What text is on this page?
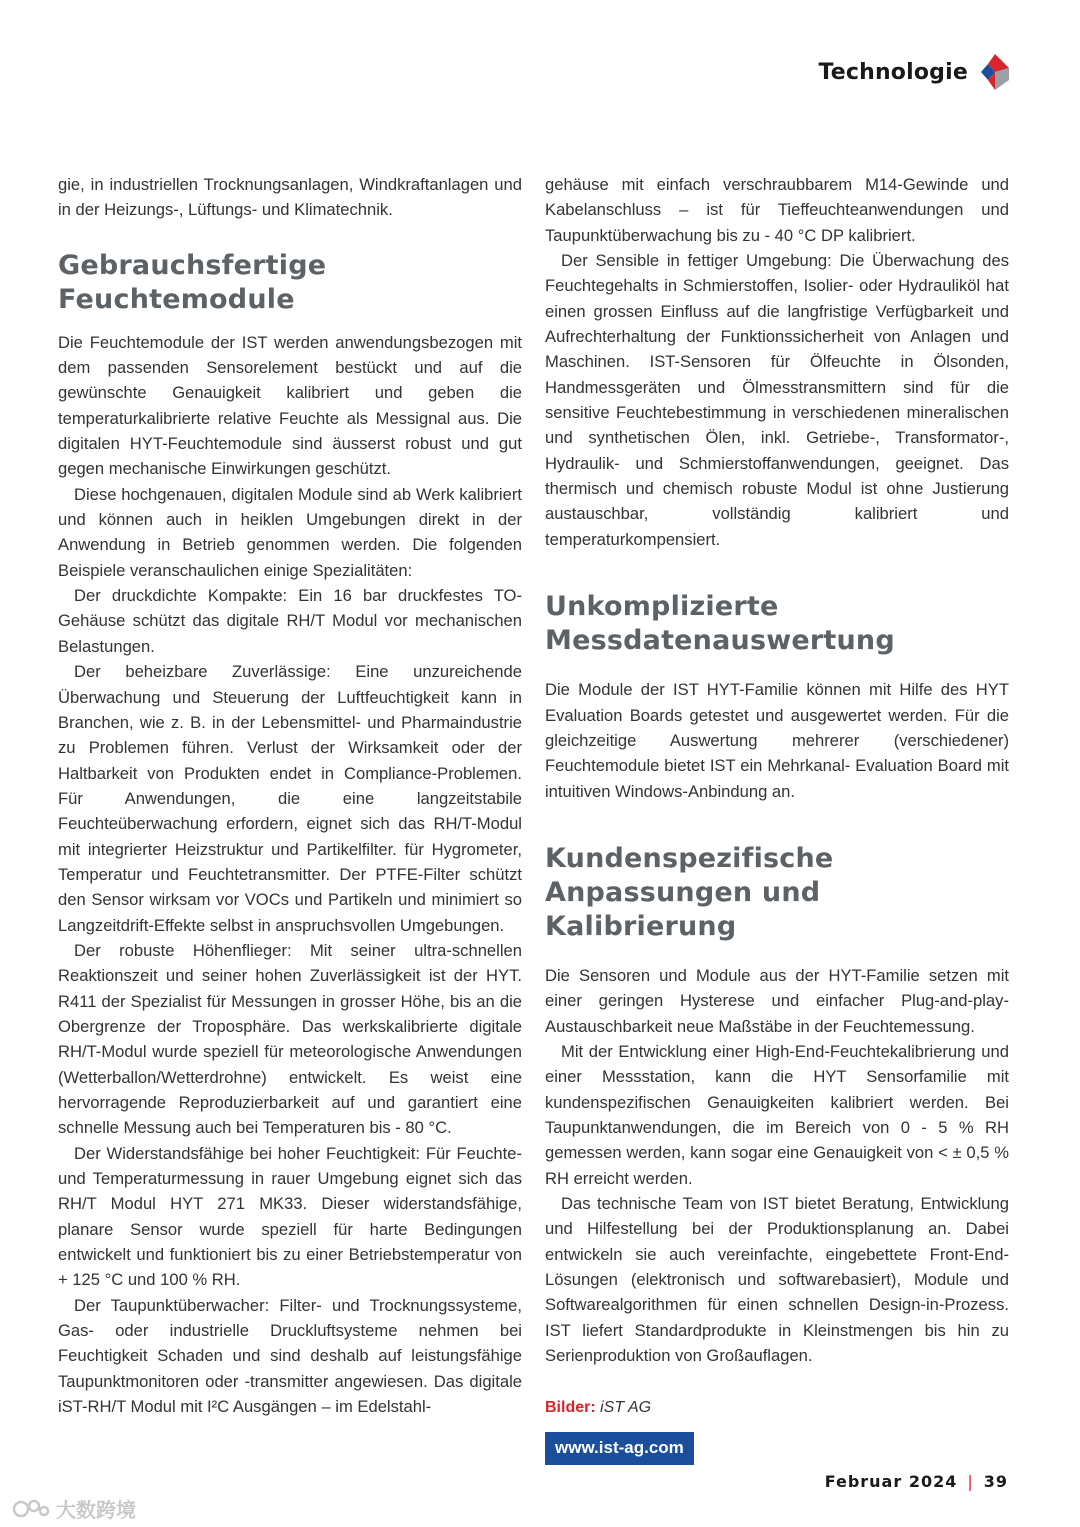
Technologie

gie, in industriellen Trocknungsanlagen, Windkraftanlagen und in der Heizungs-, Lüftungs- und Klimatechnik.

Gebrauchsfertige Feuchtemodule

Die Feuchtemodule der IST werden anwendungsbezogen mit dem passenden Sensorelement bestückt und auf die gewünschte Genauigkeit kalibriert und geben die temperaturkalibrierte relative Feuchte als Messignal aus. Die digitalen HYT-Feuchtemodule sind äusserst robust und gut gegen mechanische Einwirkungen geschützt.

Diese hochgenauen, digitalen Module sind ab Werk kalibriert und können auch in heiklen Umgebungen direkt in der Anwendung in Betrieb genommen werden. Die folgenden Beispiele veranschaulichen einige Spezialitäten:

Der druckdichte Kompakte: Ein 16 bar druckfestes TO-Gehäuse schützt das digitale RH/T Modul vor mechanischen Belastungen.

Der beheizbare Zuverlässige: Eine unzureichende Überwachung und Steuerung der Luftfeuchtigkeit kann in Branchen, wie z. B. in der Lebensmittel- und Pharmaindustrie zu Problemen führen. Verlust der Wirksamkeit oder der Haltbarkeit von Produkten endet in Compliance-Problemen. Für Anwendungen, die eine langzeitstabile Feuchteüberwachung erfordern, eignet sich das RH/T-Modul mit integrierter Heizstruktur und Partikelfilter. für Hygrometer, Temperatur und Feuchtetransmitter. Der PTFE-Filter schützt den Sensor wirksam vor VOCs und Partikeln und minimiert so Langzeitdrift-Effekte selbst in anspruchsvollen Umgebungen.

Der robuste Höhenflieger: Mit seiner ultra-schnellen Reaktionszeit und seiner hohen Zuverlässigkeit ist der HYT. R411 der Spezialist für Messungen in grosser Höhe, bis an die Obergrenze der Troposphäre. Das werkskalibrierte digitale RH/T-Modul wurde speziell für meteorologische Anwendungen (Wetterballon/Wetterdrohne) entwickelt. Es weist eine hervorragende Reproduzierbarkeit auf und garantiert eine schnelle Messung auch bei Temperaturen bis - 80 °C.

Der Widerstandsfähige bei hoher Feuchtigkeit: Für Feuchte- und Temperaturmessung in rauer Umgebung eignet sich das RH/T Modul HYT 271 MK33. Dieser widerstandsfähige, planare Sensor wurde speziell für harte Bedingungen entwickelt und funktioniert bis zu einer Betriebstemperatur von + 125 °C und 100 % RH.

Der Taupunktüberwacher: Filter- und Trocknungssysteme, Gas- oder industrielle Druckluftsysteme nehmen bei Feuchtigkeit Schaden und sind deshalb auf leistungsfähige Taupunktmonitoren oder -transmitter angewiesen. Das digitale iST-RH/T Modul mit I²C Ausgängen – im Edelstahl-

gehäuse mit einfach verschraubbarem M14-Gewinde und Kabelanschluss – ist für Tieffeuchteanwendungen und Taupunktüberwachung bis zu - 40 °C DP kalibriert.

Der Sensible in fettiger Umgebung: Die Überwachung des Feuchtegehalts in Schmierstoffen, Isolier- oder Hydrauliköl hat einen grossen Einfluss auf die langfristige Verfügbarkeit und Aufrechterhaltung der Funktionssicherheit von Anlagen und Maschinen. IST-Sensoren für Ölfeuchte in Ölsonden, Handmessgeräten und Ölmesstransmittern sind für die sensitive Feuchtebestimmung in verschiedenen mineralischen und synthetischen Ölen, inkl. Getriebe-, Transformator-, Hydraulik- und Schmierstoffanwendungen, geeignet. Das thermisch und chemisch robuste Modul ist ohne Justierung austauschbar, vollständig kalibriert und temperaturkompensiert.

Unkomplizierte Messdatenauswertung

Die Module der IST HYT-Familie können mit Hilfe des HYT Evaluation Boards getestet und ausgewertet werden. Für die gleichzeitige Auswertung mehrerer (verschiedener) Feuchtemodule bietet IST ein Mehrkanal- Evaluation Board mit intuitiven Windows-Anbindung an.

Kundenspezifische Anpassungen und Kalibrierung

Die Sensoren und Module aus der HYT-Familie setzen mit einer geringen Hysterese und einfacher Plug-and-play-Austauschbarkeit neue Maßstäbe in der Feuchtemessung.

Mit der Entwicklung einer High-End-Feuchtekalibrierung und einer Messstation, kann die HYT Sensorfamilie mit kundenspezifischen Genauigkeiten kalibriert werden. Bei Taupunktanwendungen, die im Bereich von 0 - 5 % RH gemessen werden, kann sogar eine Genauigkeit von < ± 0,5 % RH erreicht werden.

Das technische Team von IST bietet Beratung, Entwicklung und Hilfestellung bei der Produktionsplanung an. Dabei entwickeln sie auch vereinfachte, eingebettete Front-End-Lösungen (elektronisch und softwarebasiert), Module und Softwarealgorithmen für einen schnellen Design-in-Prozess. IST liefert Standardprodukte in Kleinstmengen bis hin zu Serienproduktion von Großauflagen.

Bilder: iST AG
www.ist-ag.com
Februar 2024 | 39
大数跨境
